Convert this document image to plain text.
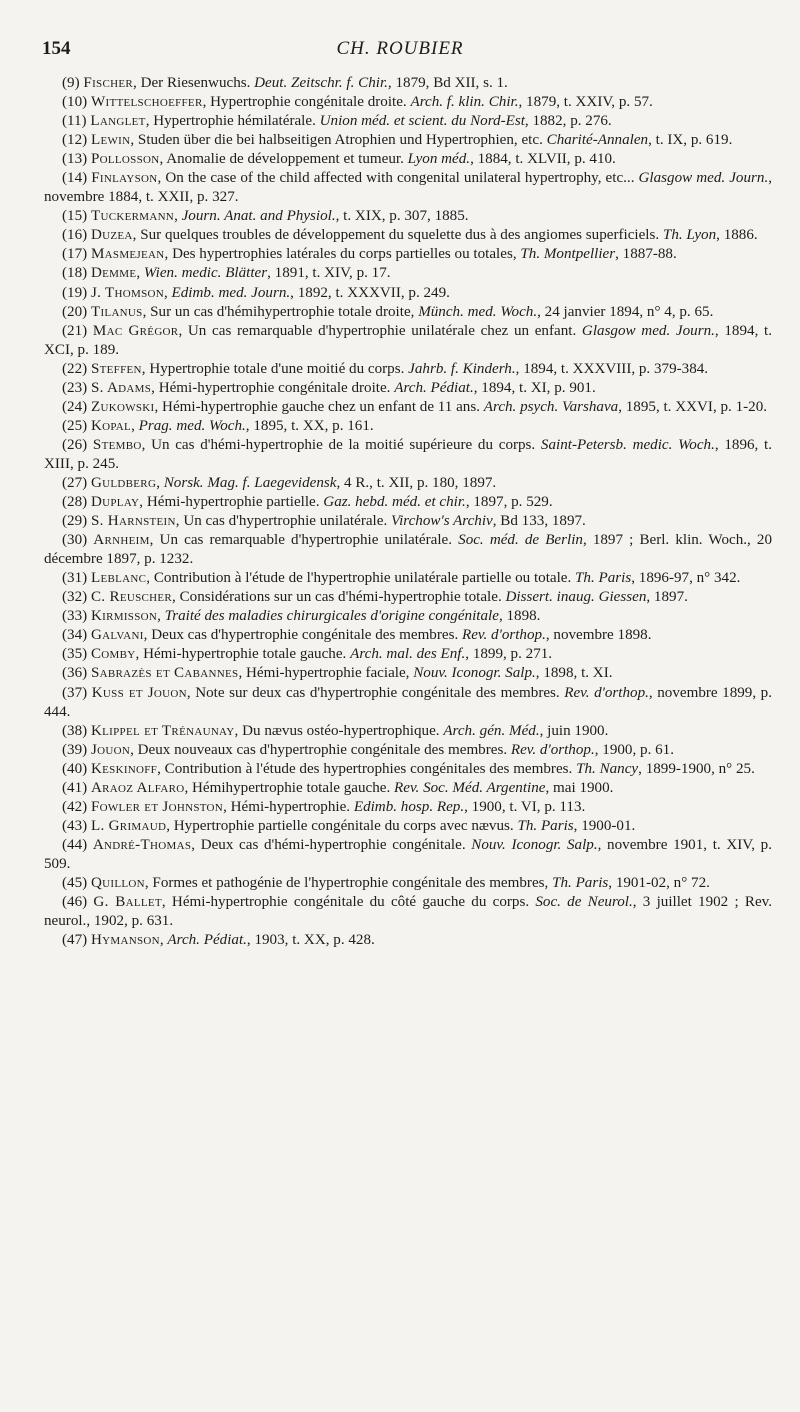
154	CH. ROUBIER

(9) Fischer, Der Riesenwuchs. Deut. Zeitschr. f. Chir., 1879, Bd XII, s. 1.

(10) Wittelschoeffer, Hypertrophie congénitale droite. Arch. f. klin. Chir., 1879, t. XXIV, p. 57.

(11) Langlet, Hypertrophie hémilatérale. Union méd. et scient. du Nord-Est, 1882, p. 276.

(12) Lewin, Studen über die bei halbseitigen Atrophien und Hypertrophien, etc. Charité-Annalen, t. IX, p. 619.

(13) Pollosson, Anomalie de développement et tumeur. Lyon méd., 1884, t. XLVII, p. 410.

(14) Finlayson, On the case of the child affected with congenital unilateral hypertrophy, etc... Glasgow med. Journ., novembre 1884, t. XXII, p. 327.

(15) Tuckermann, Journ. Anat. and Physiol., t. XIX, p. 307, 1885.

(16) Duzea, Sur quelques troubles de développement du squelette dus à des angiomes superficiels. Th. Lyon, 1886.

(17) Masmejean, Des hypertrophies latérales du corps partielles ou totales, Th. Montpellier, 1887-88.

(18) Demme, Wien. medic. Blätter, 1891, t. XIV, p. 17.

(19) J. Thomson, Edimb. med. Journ., 1892, t. XXXVII, p. 249.

(20) Tilanus, Sur un cas d'hémihypertrophie totale droite, Münch. med. Woch., 24 janvier 1894, n° 4, p. 65.

(21) Mac Grégor, Un cas remarquable d'hypertrophie unilatérale chez un enfant. Glasgow med. Journ., 1894, t. XCI, p. 189.

(22) Steffen, Hypertrophie totale d'une moitié du corps. Jahrb. f. Kinderh., 1894, t. XXXVIII, p. 379-384.

(23) S. Adams, Hémi-hypertrophie congénitale droite. Arch. Pédiat., 1894, t. XI, p. 901.

(24) Zukowski, Hémi-hypertrophie gauche chez un enfant de 11 ans. Arch. psych. Varshava, 1895, t. XXVI, p. 1-20.

(25) Kopal, Prag. med. Woch., 1895, t. XX, p. 161.

(26) Stembo, Un cas d'hémi-hypertrophie de la moitié supérieure du corps. Saint-Petersb. medic. Woch., 1896, t. XIII, p. 245.

(27) Guldberg, Norsk. Mag. f. Laegevidensk, 4 R., t. XII, p. 180, 1897.

(28) Duplay, Hémi-hypertrophie partielle. Gaz. hebd. méd. et chir., 1897, p. 529.

(29) S. Harnstein, Un cas d'hypertrophie unilatérale. Virchow's Archiv, Bd 133, 1897.

(30) Arnheim, Un cas remarquable d'hypertrophie unilatérale. Soc. méd. de Berlin, 1897 ; Berl. klin. Woch., 20 décembre 1897, p. 1232.

(31) Leblanc, Contribution à l'étude de l'hypertrophie unilatérale partielle ou totale. Th. Paris, 1896-97, n° 342.

(32) C. Reuscher, Considérations sur un cas d'hémi-hypertrophie totale. Dissert. inaug. Giessen, 1897.

(33) Kirmisson, Traité des maladies chirurgicales d'origine congénitale, 1898.

(34) Galvani, Deux cas d'hypertrophie congénitale des membres. Rev. d'orthop., novembre 1898.

(35) Comby, Hémi-hypertrophie totale gauche. Arch. mal. des Enf., 1899, p. 271.

(36) Sabrazès et Cabannes, Hémi-hypertrophie faciale, Nouv. Iconogr. Salp., 1898, t. XI.

(37) Kuss et Jouon, Note sur deux cas d'hypertrophie congénitale des membres. Rev. d'orthop., novembre 1899, p. 444.

(38) Klippel et Trénaunay, Du nævus ostéo-hypertrophique. Arch. gén. Méd., juin 1900.

(39) Jouon, Deux nouveaux cas d'hypertrophie congénitale des membres. Rev. d'orthop., 1900, p. 61.

(40) Keskinoff, Contribution à l'étude des hypertrophies congénitales des membres. Th. Nancy, 1899-1900, n° 25.

(41) Araoz Alfaro, Hémihypertrophie totale gauche. Rev. Soc. Méd. Argentine, mai 1900.

(42) Fowler et Johnston, Hémi-hypertrophie. Edimb. hosp. Rep., 1900, t. VI, p. 113.

(43) L. Grimaud, Hypertrophie partielle congénitale du corps avec nævus. Th. Paris, 1900-01.

(44) André-Thomas, Deux cas d'hémi-hypertrophie congénitale. Nouv. Iconogr. Salp., novembre 1901, t. XIV, p. 509.

(45) Quillon, Formes et pathogénie de l'hypertrophie congénitale des membres, Th. Paris, 1901-02, n° 72.

(46) G. Ballet, Hémi-hypertrophie congénitale du côté gauche du corps. Soc. de Neurol., 3 juillet 1902 ; Rev. neurol., 1902, p. 631.

(47) Hymanson, Arch. Pédiat., 1903, t. XX, p. 428.
